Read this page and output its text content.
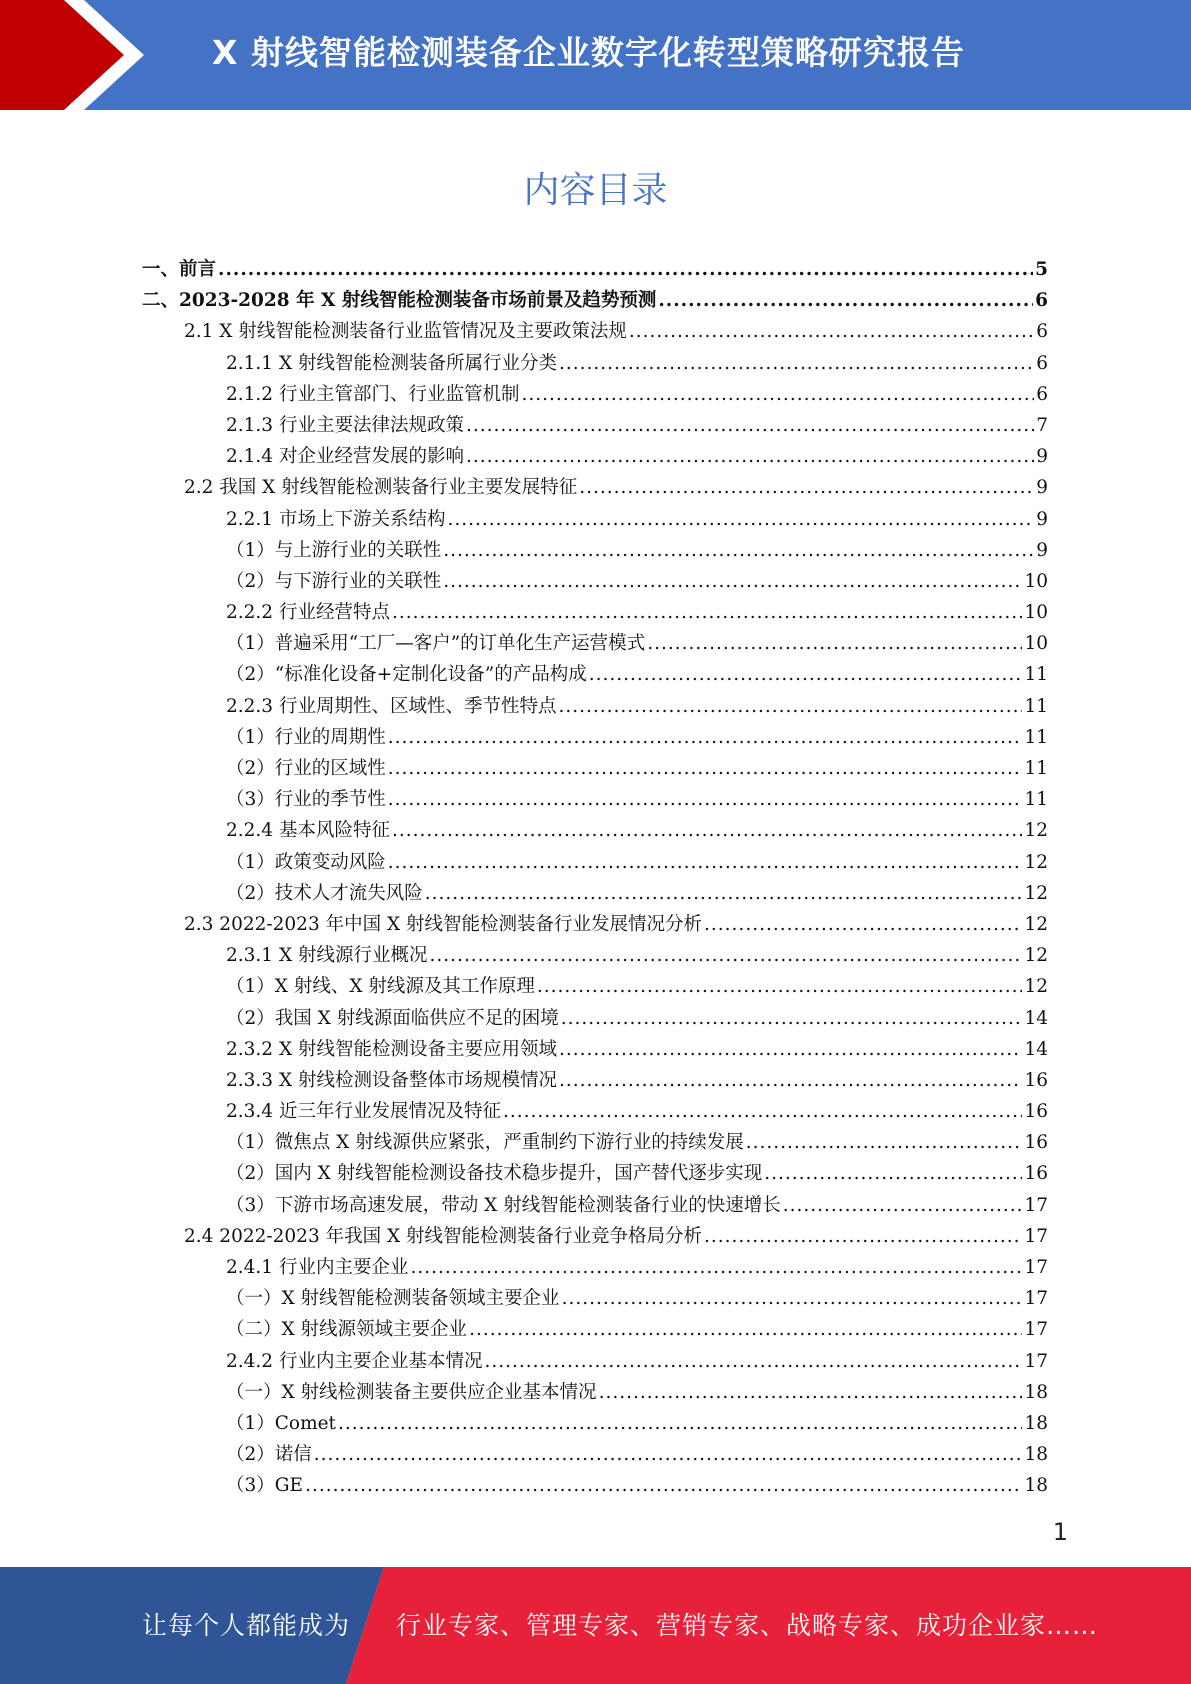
X 射线智能检测装备企业数字化转型策略研究报告
内容目录
一、前言 .....	5
二、2023-2028 年 X 射线智能检测装备市场前景及趋势预测 .....	6
2.1 X 射线智能检测装备行业监管情况及主要政策法规 .....	6
2.1.1 X 射线智能检测装备所属行业分类 .....	6
2.1.2 行业主管部门、行业监管机制 .....	6
2.1.3 行业主要法律法规政策 .....	7
2.1.4 对企业经营发展的影响 .....	9
2.2 我国 X 射线智能检测装备行业主要发展特征 .....	9
2.2.1 市场上下游关系结构 .....	9
（1）与上游行业的关联性 .....	9
（2）与下游行业的关联性 .....	10
2.2.2 行业经营特点 .....	10
（1）普遍采用“工厂—客户”的订单化生产运营模式 .....	10
（2）“标准化设备+定制化设备”的产品构成 .....	11
2.2.3 行业周期性、区域性、季节性特点 .....	11
（1）行业的周期性 .....	11
（2）行业的区域性 .....	11
（3）行业的季节性 .....	11
2.2.4 基本风险特征 .....	12
（1）政策变动风险 .....	12
（2）技术人才流失风险 .....	12
2.3 2022-2023 年中国 X 射线智能检测装备行业发展情况分析 .....	12
2.3.1 X 射线源行业概况 .....	12
（1）X 射线、X 射线源及其工作原理 .....	12
（2）我国 X 射线源面临供应不足的困境 .....	14
2.3.2 X 射线智能检测设备主要应用领域 .....	14
2.3.3 X 射线检测设备整体市场规模情况 .....	16
2.3.4 近三年行业发展情况及特征 .....	16
（1）微焦点 X 射线源供应紧张，严重制约下游行业的持续发展 .....	16
（2）国内 X 射线智能检测设备技术稳步提升，国产替代逐步实现 .....	16
（3）下游市场高速发展，带动 X 射线智能检测装备行业的快速增长 .....	17
2.4 2022-2023 年我国 X 射线智能检测装备行业竞争格局分析 .....	17
2.4.1 行业内主要企业 .....	17
（一）X 射线智能检测装备领域主要企业 .....	17
（二）X 射线源领域主要企业 .....	17
2.4.2 行业内主要企业基本情况 .....	17
（一）X 射线检测装备主要供应企业基本情况 .....	18
（1）Comet .....	18
（2）诺信 .....	18
（3）GE .....	18
1
让每个人都能成为 行业专家、管理专家、营销专家、战略专家、成功企业家……
